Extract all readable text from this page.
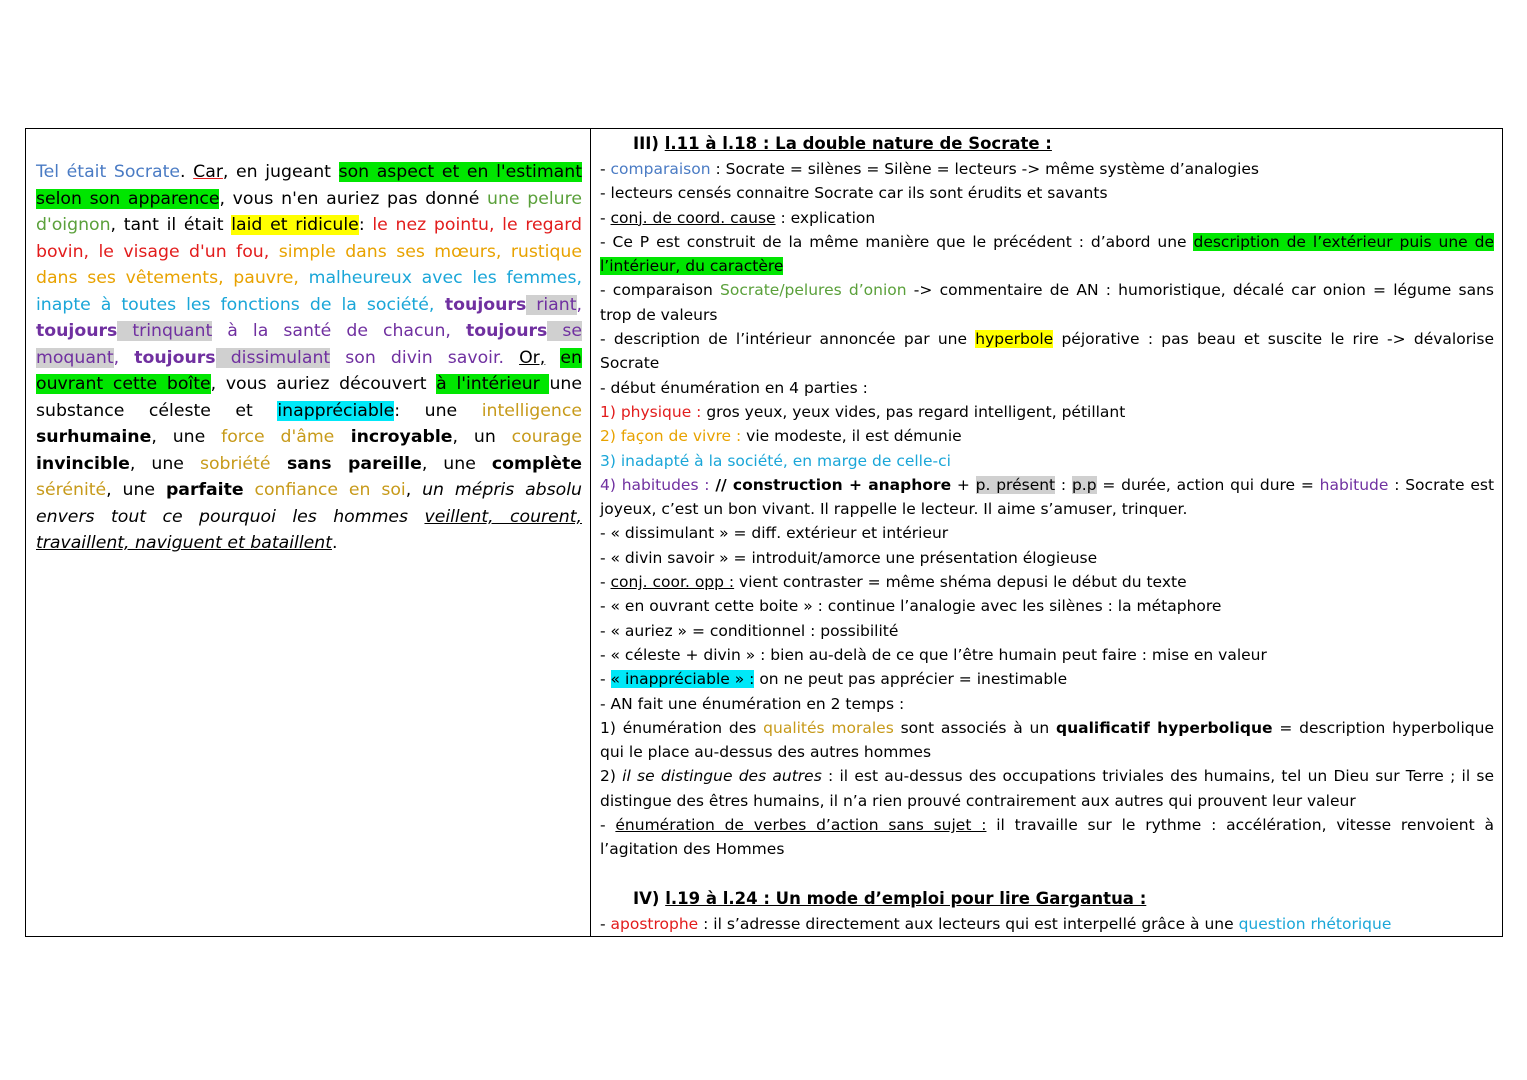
Tel était Socrate. Car, en jugeant son aspect et en l'estimant selon son apparence, vous n'en auriez pas donné une pelure d'oignon, tant il était laid et ridicule: le nez pointu, le regard bovin, le visage d'un fou, simple dans ses mœurs, rustique dans ses vêtements, pauvre, malheureux avec les femmes, inapte à toutes les fonctions de la société, toujours riant, toujours trinquant à la santé de chacun, toujours se moquant, toujours dissimulant son divin savoir. Or, en ouvrant cette boîte, vous auriez découvert à l'intérieur une substance céleste et inappréciable: une intelligence surhumaine, une force d'âme incroyable, un courage invincible, une sobriété sans pareille, une complète sérénité, une parfaite confiance en soi, un mépris absolu envers tout ce pourquoi les hommes veillent, courent, travaillent, naviguent et bataillent.
III) l.11 à l.18 : La double nature de Socrate :
- comparaison : Socrate = silènes = Silène = lecteurs -> même système d’analogies
- lecteurs censés connaitre Socrate car ils sont érudits et savants
- conj. de coord. cause : explication
- Ce P est construit de la même manière que le précédent : d’abord une description de l’extérieur puis une de l’intérieur, du caractère
- comparaison Socrate/pelures d’onion -> commentaire de AN : humoristique, décalé car onion = légume sans trop de valeurs
- description de l’intérieur annoncée par une hyperbole péjorative : pas beau et suscite le rire -> dévalorise Socrate
- début énumération en 4 parties :
1) physique : gros yeux, yeux vides, pas regard intelligent, pétillant
2) façon de vivre : vie modeste, il est démunie
3) inadapté à la société, en marge de celle-ci
4) habitudes : // construction + anaphore + p. présent : p.p = durée, action qui dure = habitude : Socrate est joyeux, c’est un bon vivant. Il rappelle le lecteur. Il aime s’amuser, trinquer.
- « dissimulant » = diff. extérieur et intérieur
- « divin savoir » = introduit/amorce une présentation élogieuse
- conj. coor. opp : vient contraster = même shéma depusi le début du texte
- « en ouvrant cette boite » : continue l’analogie avec les silènes : la métaphore
- « auriez » = conditionnel : possibilité
- « céleste + divin » : bien au-delà de ce que l’être humain peut faire : mise en valeur
- « inappréciable » : on ne peut pas apprécier = inestimable
- AN fait une énumération en 2 temps :
1) énumération des qualités morales sont associés à un qualificatif hyperbolique = description hyperbolique qui le place au-dessus des autres hommes
2) il se distingue des autres : il est au-dessus des occupations triviales des humains, tel un Dieu sur Terre ; il se distingue des êtres humains, il n’a rien prouvé contrairement aux autres qui prouvent leur valeur
- énumération de verbes d’action sans sujet : il travaille sur le rythme : accélération, vitesse renvoient à l’agitation des Hommes
IV) l.19 à l.24 : Un mode d’emploi pour lire Gargantua :
- apostrophe : il s’adresse directement aux lecteurs qui est interpellé grâce à une question rhétorique
